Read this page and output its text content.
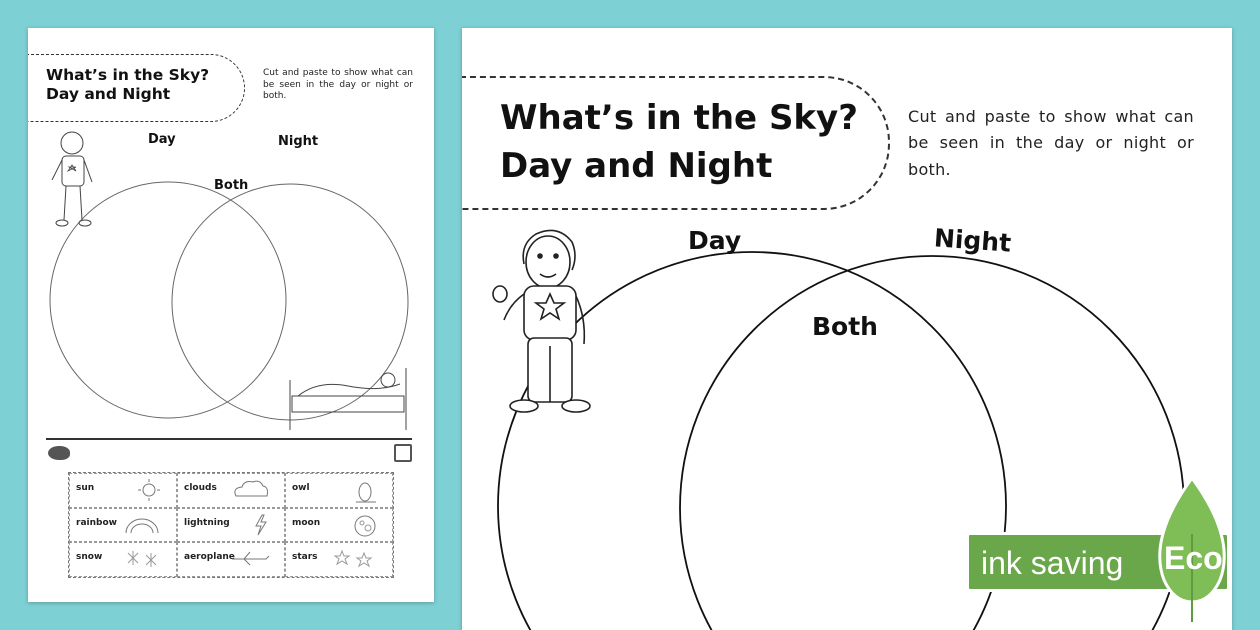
What’s in the Sky?
Day and Night
Cut and paste to show what can be seen in the day or night or both.
Day	Night
Both
sun	clouds	owl
rainbow	lightning	moon
snow	aeroplane	stars
What’s in the Sky?
Day and Night
Cut and paste to show what can be seen in the day or night or both.
Day	Night
Both
ink saving Eco
